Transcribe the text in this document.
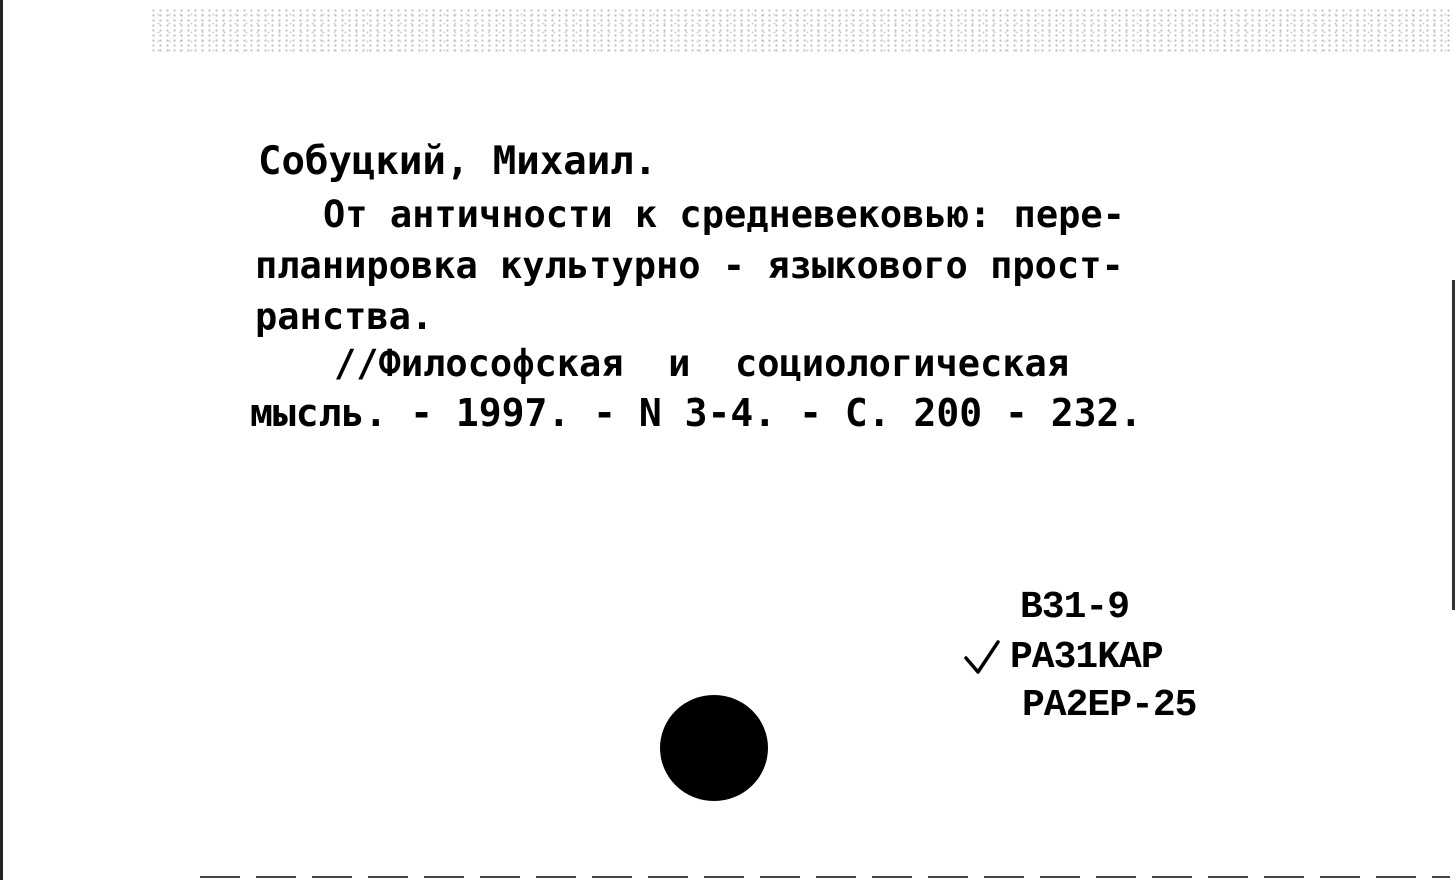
Собуцкий, Михаил.
От античности к средневековью: пере-
планировка культурно - языкового прост-
ранства.
//Философская  и  социологическая
мысль. - 1997. - N 3-4. - C. 200 - 232.
B31-9
PA31KAP
PA2EP-25
